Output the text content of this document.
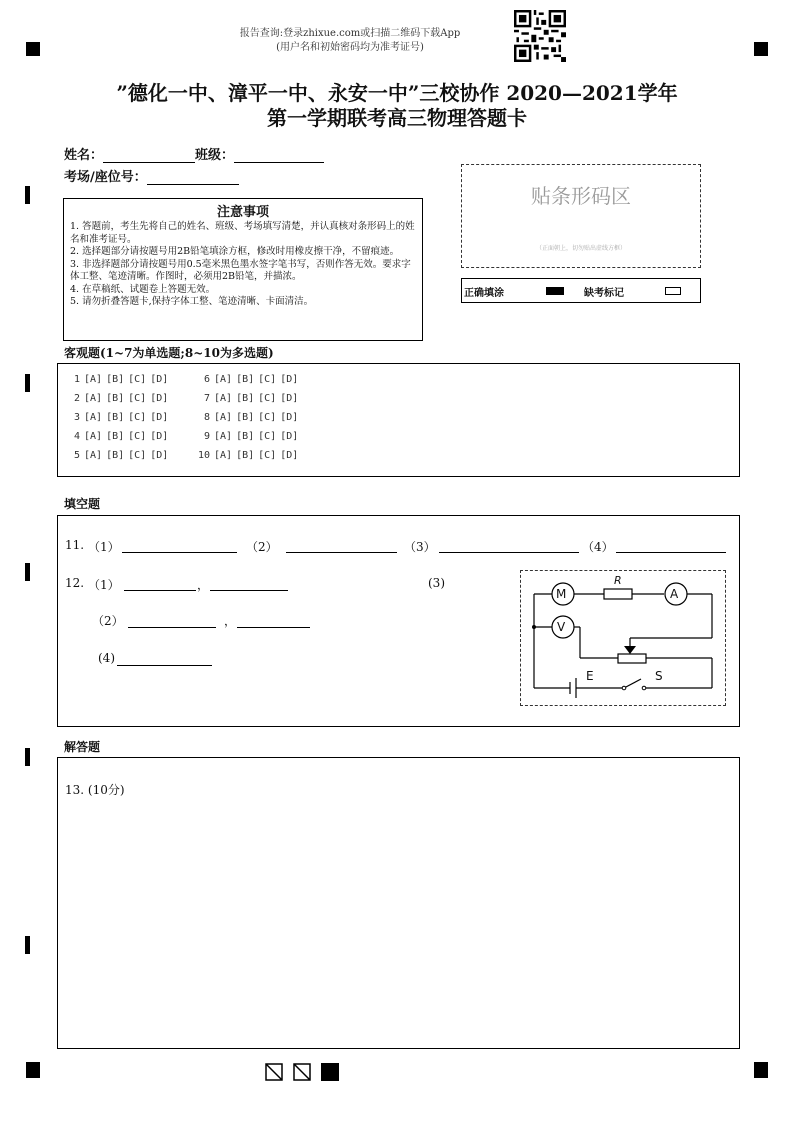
报告查询:登录zhixue.com或扫描二维码下载App
(用户名和初始密码均为准考证号)
”德化一中、漳平一中、永安一中”三校协作 2020—2021学年
第一学期联考高三物理答题卡
姓名：	班级：
考场/座位号：
注意事项
1. 答题前，考生先将自己的姓名、班级、考场填写清楚，并认真核对条形码上的姓名和准考证号。
2. 选择题部分请按题号用2B铅笔填涂方框，修改时用橡皮擦干净，不留痕迹。
3. 非选择题部分请按题号用0.5毫米黑色墨水签字笔书写，否则作答无效。要求字体工整、笔迹清晰。作图时，必须用2B铅笔，并描浓。
4. 在草稿纸、试题卷上答题无效。
5. 请勿折叠答题卡,保持字体工整、笔迹清晰、卡面清洁。
贴条形码区
（正面朝上，切勿贴出虚线方框）
正确填涂	缺考标记
客观题(1~7为单选题;8~10为多选题)
1 [A] [B] [C] [D]	6 [A] [B] [C] [D]
2 [A] [B] [C] [D]	7 [A] [B] [C] [D]
3 [A] [B] [C] [D]	8 [A] [B] [C] [D]
4 [A] [B] [C] [D]	9 [A] [B] [C] [D]
5 [A] [B] [C] [D]	10 [A] [B] [C] [D]
填空题
11. （1）	（2）	（3）	（4）
12. （1）	，	(3)
（2）	，
(4)
M	A
V
R
E	S
解答题
13. (10分)
